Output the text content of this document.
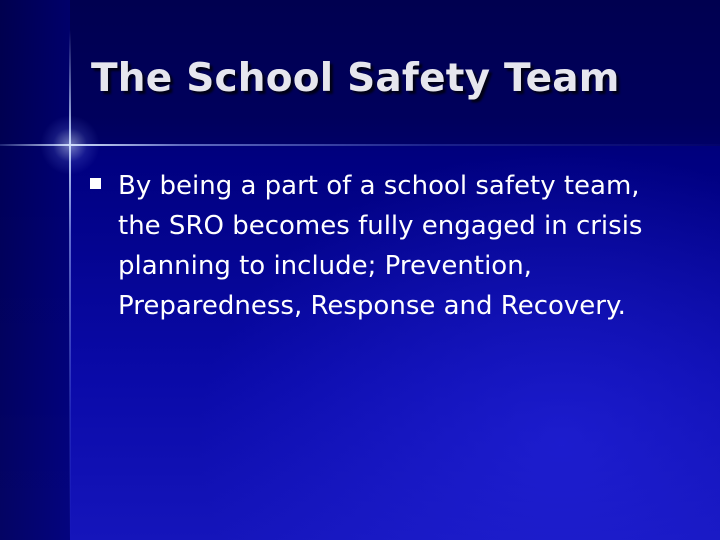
The School Safety Team
By being a part of a school safety team, the SRO becomes fully engaged in crisis planning to include; Prevention, Preparedness, Response and Recovery.
